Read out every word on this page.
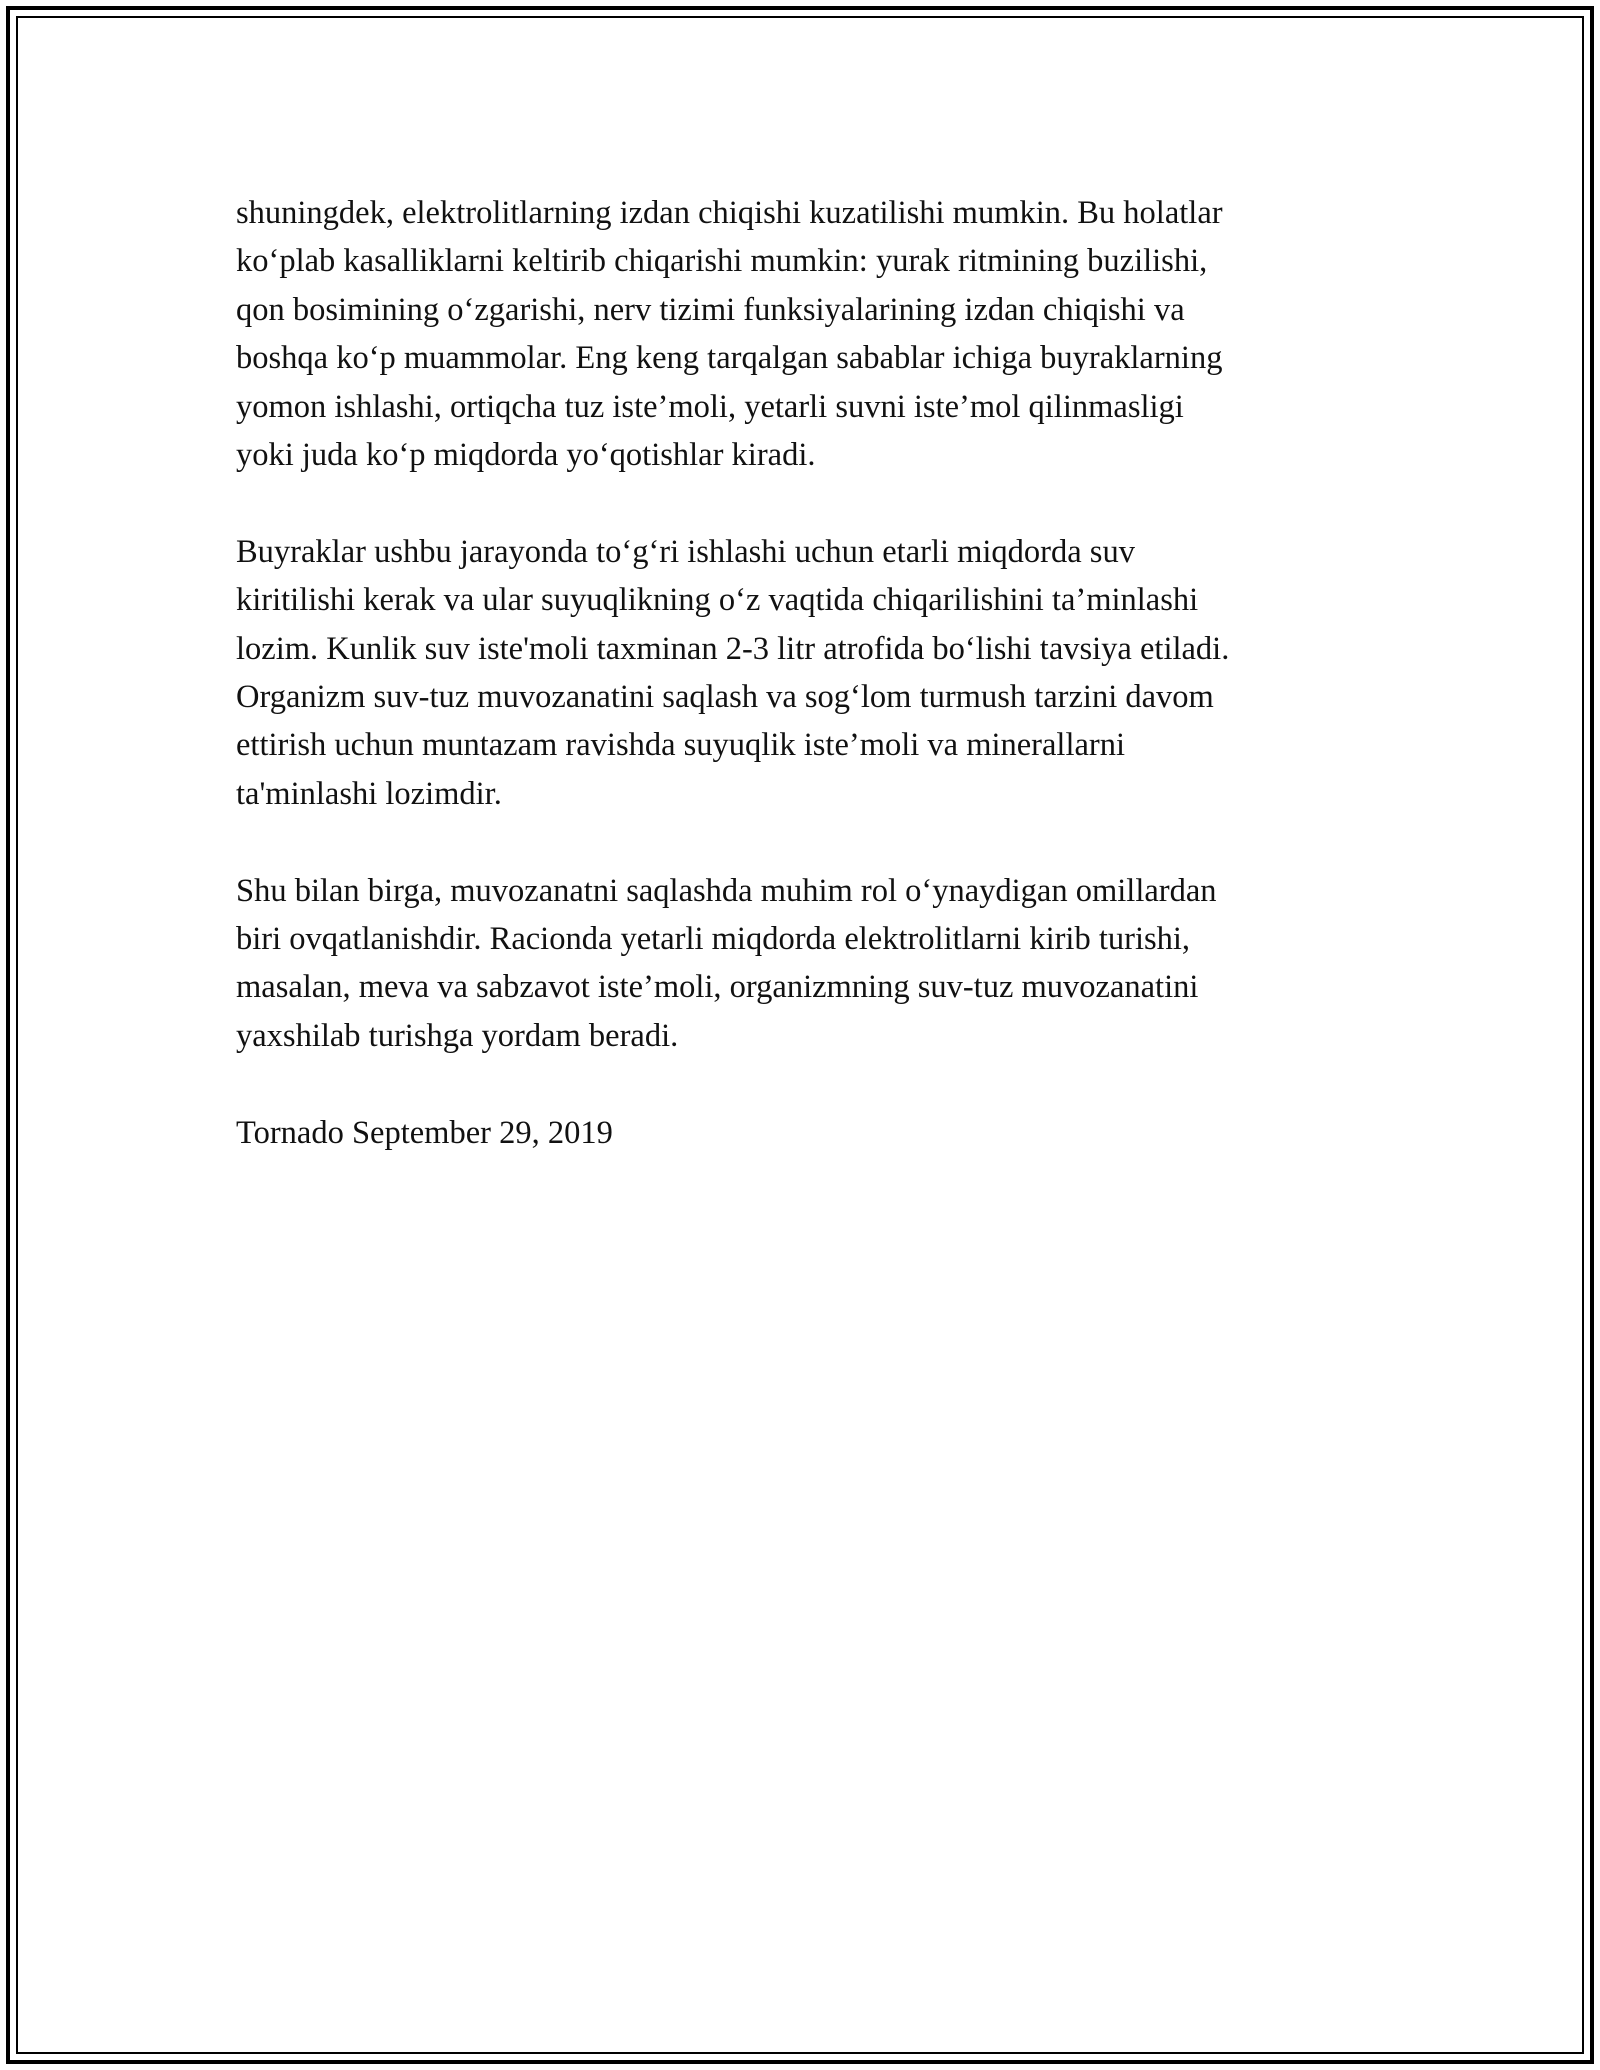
shuningdek, elektrolitlarning izdan chiqishi kuzatilishi mumkin. Bu holatlar
ko‘plab kasalliklarni keltirib chiqarishi mumkin: yurak ritmining buzilishi,
qon bosimining o‘zgarishi, nerv tizimi funksiyalarining izdan chiqishi va
boshqa ko‘p muammolar. Eng keng tarqalgan sabablar ichiga buyraklarning
yomon ishlashi, ortiqcha tuz iste’moli, yetarli suvni iste’mol qilinmasligi
yoki juda ko‘p miqdorda yo‘qotishlar kiradi.

Buyraklar ushbu jarayonda to‘g‘ri ishlashi uchun etarli miqdorda suv
kiritilishi kerak va ular suyuqlikning o‘z vaqtida chiqarilishini ta’minlashi
lozim. Kunlik suv iste'moli taxminan 2-3 litr atrofida bo‘lishi tavsiya etiladi.
Organizm suv-tuz muvozanatini saqlash va sog‘lom turmush tarzini davom
ettirish uchun muntazam ravishda suyuqlik iste’moli va minerallarni
ta'minlashi lozimdir.

Shu bilan birga, muvozanatni saqlashda muhim rol o‘ynaydigan omillardan
biri ovqatlanishdir. Racionda yetarli miqdorda elektrolitlarni kirib turishi,
masalan, meva va sabzavot iste’moli, organizmning suv-tuz muvozanatini
yaxshilab turishga yordam beradi.

Tornado September 29, 2019
